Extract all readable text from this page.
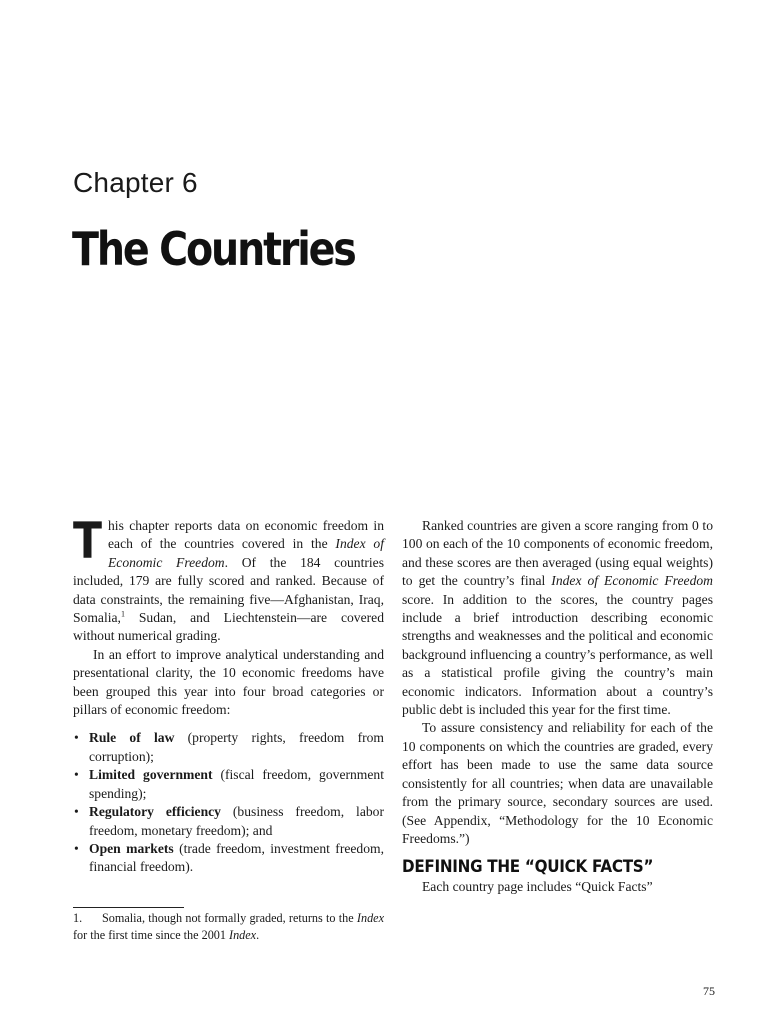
Chapter 6
The Countries

This chapter reports data on economic freedom in each of the countries covered in the Index of Economic Freedom. Of the 184 countries included, 179 are fully scored and ranked. Because of data constraints, the remaining five—Afghanistan, Iraq, Somalia,$^1$ Sudan, and Liechtenstein—are covered without numerical grading.

In an effort to improve analytical understanding and presentational clarity, the 10 economic freedoms have been grouped this year into four broad categories or pillars of economic freedom:

• Rule of law (property rights, freedom from corruption);
• Limited government (fiscal freedom, government spending);
• Regulatory efficiency (business freedom, labor freedom, monetary freedom); and
• Open markets (trade freedom, investment freedom, financial freedom).
1. Somalia, though not formally graded, returns to the Index for the first time since the 2001 Index.

Ranked countries are given a score ranging from 0 to 100 on each of the 10 components of economic freedom, and these scores are then averaged (using equal weights) to get the country’s final Index of Economic Freedom score. In addition to the scores, the country pages include a brief introduction describing economic strengths and weaknesses and the political and economic background influencing a country’s performance, as well as a statistical profile giving the country’s main economic indicators. Information about a country’s public debt is included this year for the first time.

To assure consistency and reliability for each of the 10 components on which the countries are graded, every effort has been made to use the same data source consistently for all countries; when data are unavailable from the primary source, secondary sources are used. (See Appendix, “Methodology for the 10 Economic Freedoms.”)

DEFINING THE “QUICK FACTS”

Each country page includes “Quick Facts”

75
